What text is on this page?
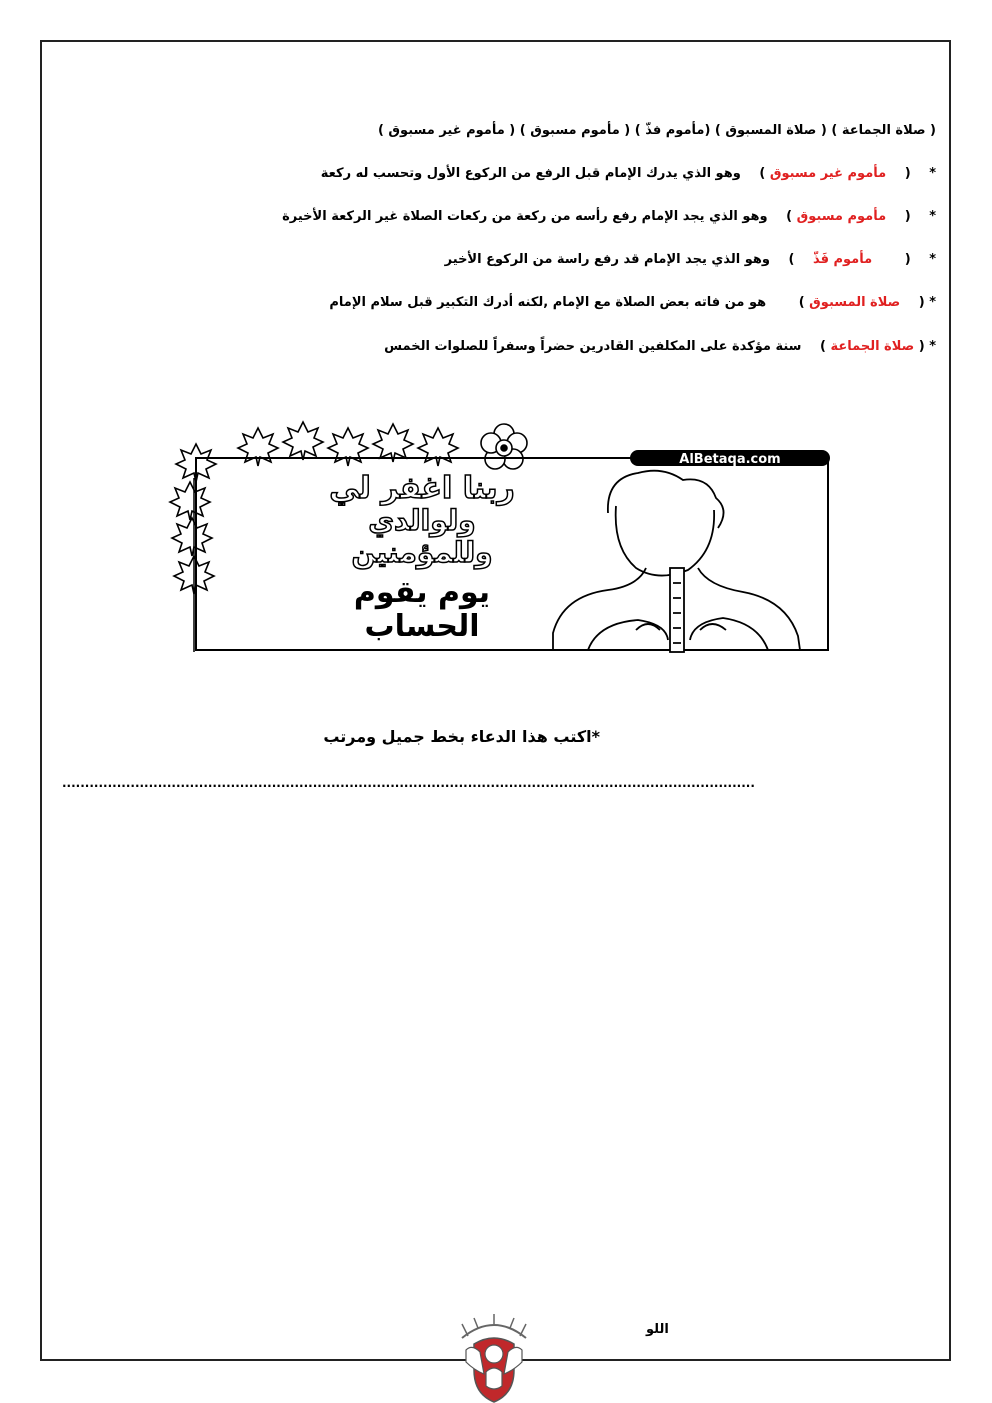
( صلاة الجماعة ) ( صلاة المسبوق ) (مأموم فذّ ) ( مأموم مسبوق ) ( مأموم غير مسبوق )
* ( مأموم غير مسبوق ) وهو الذي يدرك الإمام قبل الرفع من الركوع الأول وتحسب له ركعة
* ( مأموم مسبوق ) وهو الذي يجد الإمام رفع رأسه من ركعة من ركعات الصلاة غير الركعة الأخيرة
* ( مأموم فَذّ ) وهو الذي يجد الإمام قد رفع راسة من الركوع الأخير
* ( صلاة المسبوق ) هو من فاته بعض الصلاة مع الإمام ,لكنه أدرك التكبير قبل سلام الإمام
* ( صلاة الجماعة ) سنة مؤكدة على المكلفين القادرين حضراً وسفراً للصلوات الخمس
AlBetaqa.com
ربنا اغفر لي
ولوالدي
وللمؤمنين
يوم يقوم
الحساب
*اكتب هذا الدعاء بخط جميل ومرتب
........................................................................................................................................................
اللو
